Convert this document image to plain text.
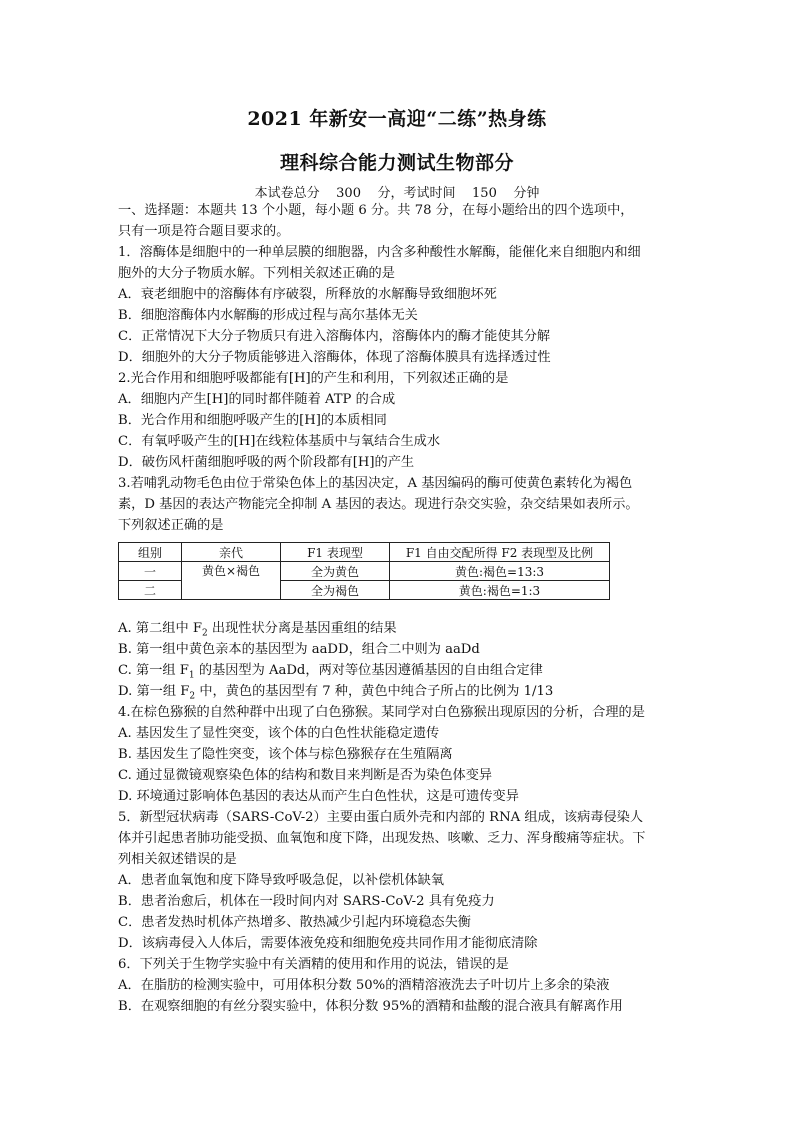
2021 年新安一高迎“二练”热身练
理科综合能力测试生物部分
本试卷总分    300    分，考试时间    150    分钟
一、选择题：本题共 13 个小题，每小题 6 分。共 78 分，在每小题给出的四个选项中，
只有一项是符合题目要求的。
1．溶酶体是细胞中的一种单层膜的细胞器，内含多种酸性水解酶，能催化来自细胞内和细
胞外的大分子物质水解。下列相关叙述正确的是
A．衰老细胞中的溶酶体有序破裂，所释放的水解酶导致细胞坏死
B．细胞溶酶体内水解酶的形成过程与高尔基体无关
C．正常情况下大分子物质只有进入溶酶体内，溶酶体内的酶才能使其分解
D．细胞外的大分子物质能够进入溶酶体，体现了溶酶体膜具有选择透过性
2.光合作用和细胞呼吸都能有[H]的产生和利用，下列叙述正确的是
A．细胞内产生[H]的同时都伴随着 ATP 的合成
B．光合作用和细胞呼吸产生的[H]的本质相同
C．有氧呼吸产生的[H]在线粒体基质中与氧结合生成水
D．破伤风杆菌细胞呼吸的两个阶段都有[H]的产生
3.若哺乳动物毛色由位于常染色体上的基因决定，A 基因编码的酶可使黄色素转化为褐色
素，D 基因的表达产物能完全抑制 A 基因的表达。现进行杂交实验，杂交结果如表所示。
下列叙述正确的是
组别	亲代	F1 表现型	F1 自由交配所得 F2 表现型及比例
一	黄色×褐色	全为黄色	黄色:褐色=13:3
二		全为褐色	黄色:褐色=1:3
A. 第二组中 $F_2$ 出现性状分离是基因重组的结果
B. 第一组中黄色亲本的基因型为 aaDD，组合二中则为 aaDd
C. 第一组 $F_1$ 的基因型为 AaDd，两对等位基因遵循基因的自由组合定律
D. 第一组 $F_2$ 中，黄色的基因型有 7 种，黄色中纯合子所占的比例为 1/13
4.在棕色猕猴的自然种群中出现了白色猕猴。某同学对白色猕猴出现原因的分析，合理的是
A. 基因发生了显性突变，该个体的白色性状能稳定遗传
B. 基因发生了隐性突变，该个体与棕色猕猴存在生殖隔离
C. 通过显微镜观察染色体的结构和数目来判断是否为染色体变异
D. 环境通过影响体色基因的表达从而产生白色性状，这是可遗传变异
5．新型冠状病毒（SARS-CoV-2）主要由蛋白质外壳和内部的 RNA 组成，该病毒侵染人
体并引起患者肺功能受损、血氧饱和度下降，出现发热、咳嗽、乏力、浑身酸痛等症状。下
列相关叙述错误的是
A．患者血氧饱和度下降导致呼吸急促，以补偿机体缺氧
B．患者治愈后，机体在一段时间内对 SARS-CoV-2 具有免疫力
C．患者发热时机体产热增多、散热减少引起内环境稳态失衡
D．该病毒侵入人体后，需要体液免疫和细胞免疫共同作用才能彻底清除
6．下列关于生物学实验中有关酒精的使用和作用的说法，错误的是
A．在脂肪的检测实验中，可用体积分数 50%的酒精溶液洗去子叶切片上多余的染液
B．在观察细胞的有丝分裂实验中，体积分数 95%的酒精和盐酸的混合液具有解离作用
